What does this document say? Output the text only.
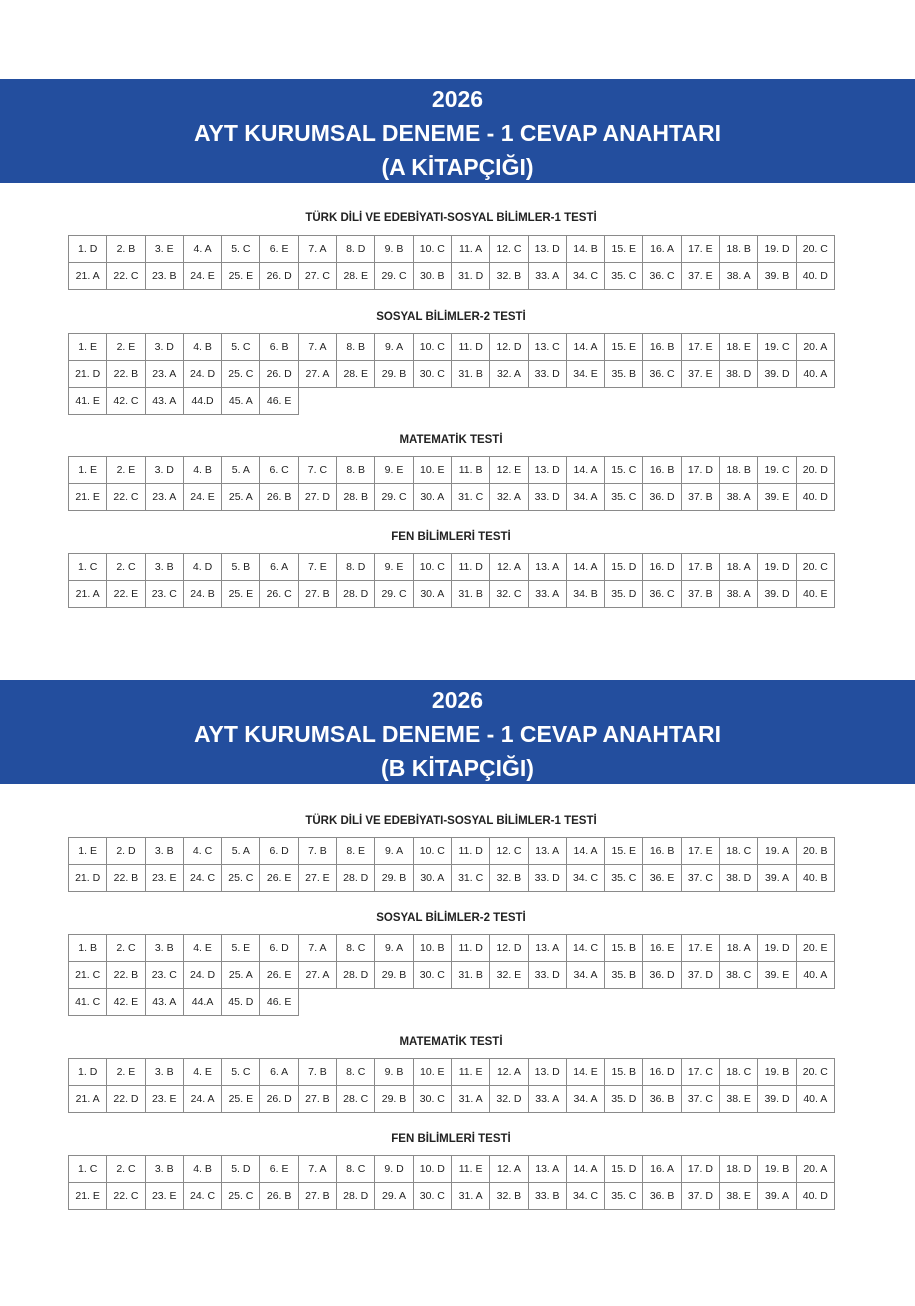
2026
AYT KURUMSAL DENEME - 1 CEVAP ANAHTARI
(A KİTAPÇIĞI)
TÜRK DİLİ VE EDEBİYATI-SOSYAL BİLİMLER-1 TESTİ
1. D	2. B	3. E	4. A	5. C	6. E	7. A	8. D	9. B	10. C	11. A	12. C	13. D	14. B	15. E	16. A	17. E	18. B	19. D	20. C
21. A	22. C	23. B	24. E	25. E	26. D	27. C	28. E	29. C	30. B	31. D	32. B	33. A	34. C	35. C	36. C	37. E	38. A	39. B	40. D
SOSYAL BİLİMLER-2 TESTİ
1. E	2. E	3. D	4. B	5. C	6. B	7. A	8. B	9. A	10. C	11. D	12. D	13. C	14. A	15. E	16. B	17. E	18. E	19. C	20. A
21. D	22. B	23. A	24. D	25. C	26. D	27. A	28. E	29. B	30. C	31. B	32. A	33. D	34. E	35. B	36. C	37. E	38. D	39. D	40. A
41. E	42. C	43. A	44.D	45. A	46. E														
MATEMATİK TESTİ
1. E	2. E	3. D	4. B	5. A	6. C	7. C	8. B	9. E	10. E	11. B	12. E	13. D	14. A	15. C	16. B	17. D	18. B	19. C	20. D
21. E	22. C	23. A	24. E	25. A	26. B	27. D	28. B	29. C	30. A	31. C	32. A	33. D	34. A	35. C	36. D	37. B	38. A	39. E	40. D
FEN BİLİMLERİ TESTİ
1. C	2. C	3. B	4. D	5. B	6. A	7. E	8. D	9. E	10. C	11. D	12. A	13. A	14. A	15. D	16. D	17. B	18. A	19. D	20. C
21. A	22. E	23. C	24. B	25. E	26. C	27. B	28. D	29. C	30. A	31. B	32. C	33. A	34. B	35. D	36. C	37. B	38. A	39. D	40. E
2026
AYT KURUMSAL DENEME - 1 CEVAP ANAHTARI
(B KİTAPÇIĞI)
TÜRK DİLİ VE EDEBİYATI-SOSYAL BİLİMLER-1 TESTİ
1. E	2. D	3. B	4. C	5. A	6. D	7. B	8. E	9. A	10. C	11. D	12. C	13. A	14. A	15. E	16. B	17. E	18. C	19. A	20. B
21. D	22. B	23. E	24. C	25. C	26. E	27. E	28. D	29. B	30. A	31. C	32. B	33. D	34. C	35. C	36. E	37. C	38. D	39. A	40. B
SOSYAL BİLİMLER-2 TESTİ
1. B	2. C	3. B	4. E	5. E	6. D	7. A	8. C	9. A	10. B	11. D	12. D	13. A	14. C	15. B	16. E	17. E	18. A	19. D	20. E
21. C	22. B	23. C	24. D	25. A	26. E	27. A	28. D	29. B	30. C	31. B	32. E	33. D	34. A	35. B	36. D	37. D	38. C	39. E	40. A
41. C	42. E	43. A	44.A	45. D	46. E														
MATEMATİK TESTİ
1. D	2. E	3. B	4. E	5. C	6. A	7. B	8. C	9. B	10. E	11. E	12. A	13. D	14. E	15. B	16. D	17. C	18. C	19. B	20. C
21. A	22. D	23. E	24. A	25. E	26. D	27. B	28. C	29. B	30. C	31. A	32. D	33. A	34. A	35. D	36. B	37. C	38. E	39. D	40. A
FEN BİLİMLERİ TESTİ
1. C	2. C	3. B	4. B	5. D	6. E	7. A	8. C	9. D	10. D	11. E	12. A	13. A	14. A	15. D	16. A	17. D	18. D	19. B	20. A
21. E	22. C	23. E	24. C	25. C	26. B	27. B	28. D	29. A	30. C	31. A	32. B	33. B	34. C	35. C	36. B	37. D	38. E	39. A	40. D
